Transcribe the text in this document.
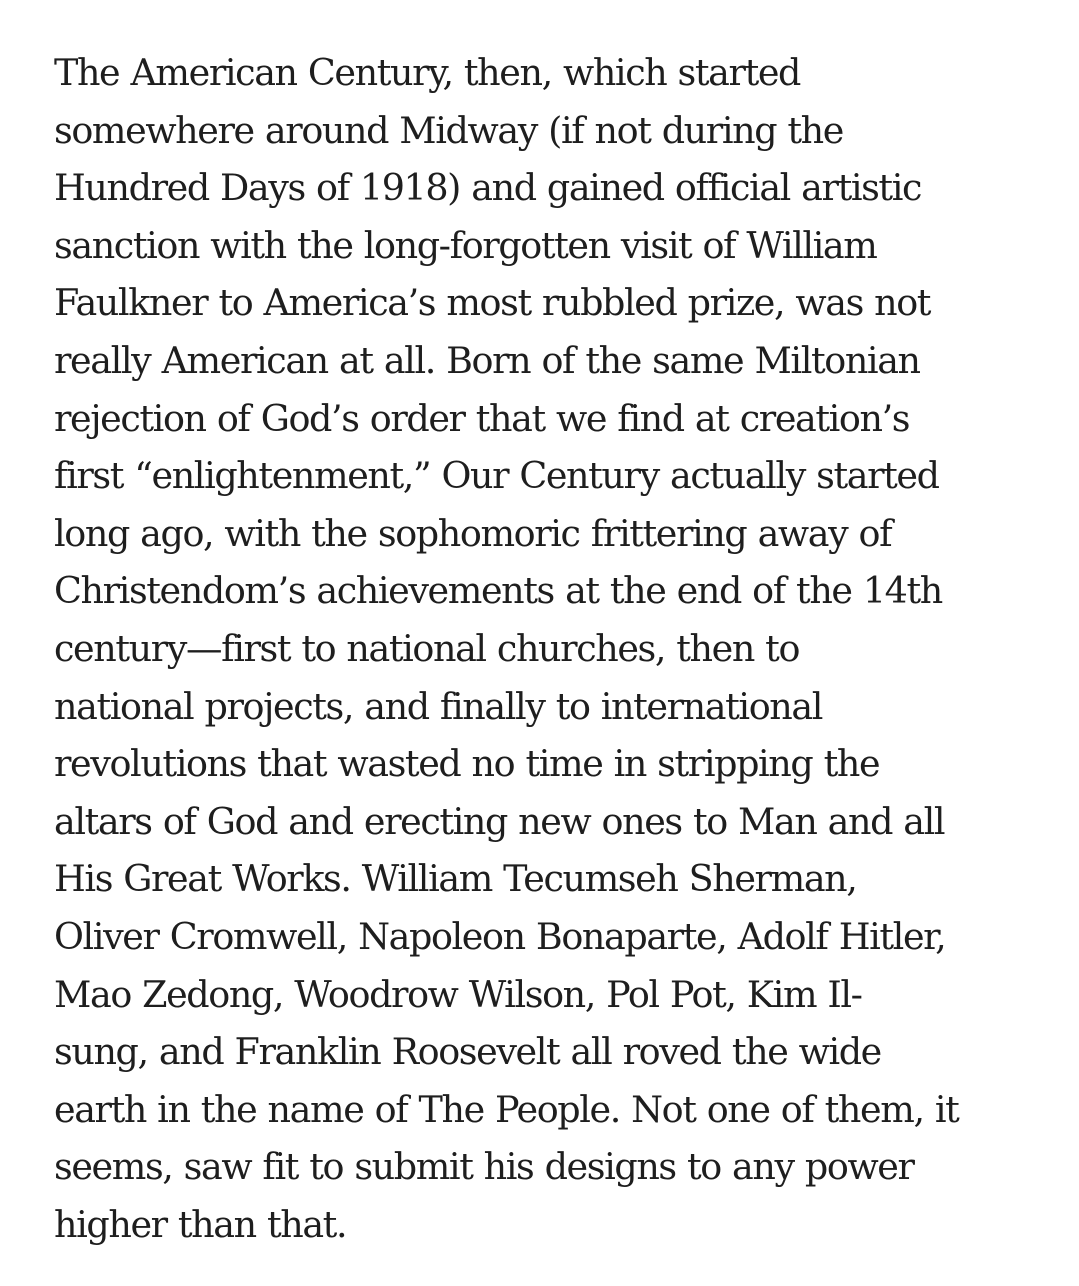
The American Century, then, which started
somewhere around Midway (if not during the
Hundred Days of 1918) and gained official artistic
sanction with the long-forgotten visit of William
Faulkner to America’s most rubbled prize, was not
really American at all. Born of the same Miltonian
rejection of God’s order that we find at creation’s
first “enlightenment,” Our Century actually started
long ago, with the sophomoric frittering away of
Christendom’s achievements at the end of the 14th
century—first to national churches, then to
national projects, and finally to international
revolutions that wasted no time in stripping the
altars of God and erecting new ones to Man and all
His Great Works. William Tecumseh Sherman,
Oliver Cromwell, Napoleon Bonaparte, Adolf Hitler,
Mao Zedong, Woodrow Wilson, Pol Pot, Kim Il-
sung, and Franklin Roosevelt all roved the wide
earth in the name of The People. Not one of them, it
seems, saw fit to submit his designs to any power
higher than that.
